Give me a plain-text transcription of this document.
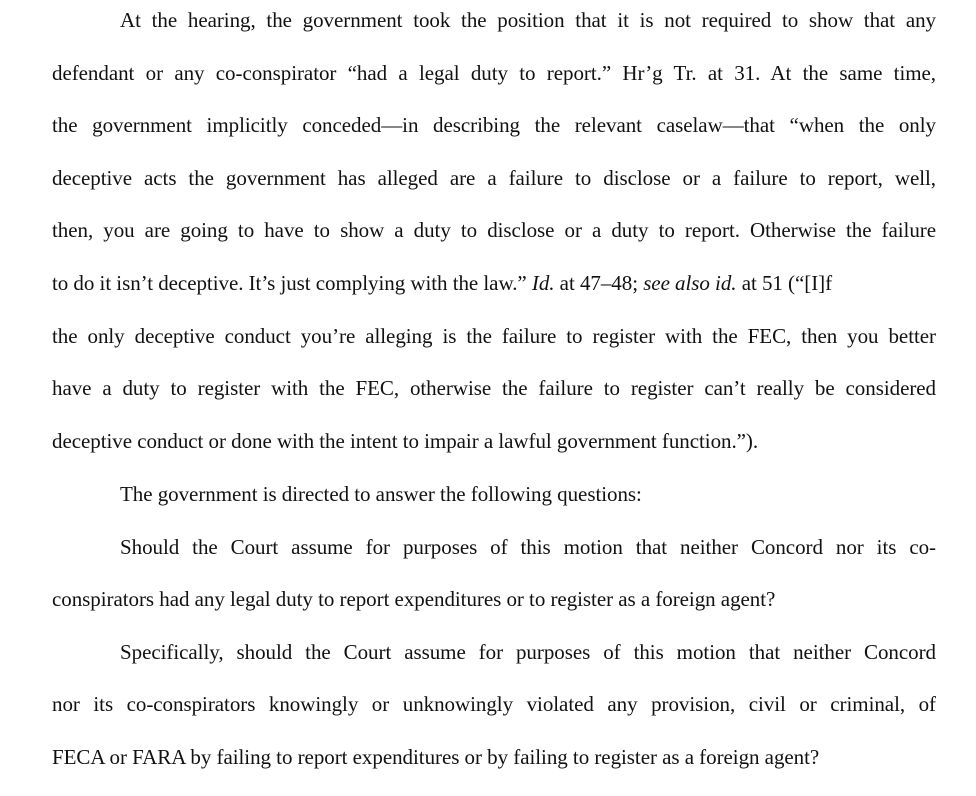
At the hearing, the government took the position that it is not required to show that any
defendant or any co-conspirator “had a legal duty to report.” Hr’g Tr. at 31. At the same time,
the government implicitly conceded—in describing the relevant caselaw—that “when the only
deceptive acts the government has alleged are a failure to disclose or a failure to report, well,
then, you are going to have to show a duty to disclose or a duty to report. Otherwise the failure
to do it isn’t deceptive. It’s just complying with the law.” Id. at 47–48; see also id. at 51 (“[I]f
the only deceptive conduct you’re alleging is the failure to register with the FEC, then you better
have a duty to register with the FEC, otherwise the failure to register can’t really be considered
deceptive conduct or done with the intent to impair a lawful government function.”).
The government is directed to answer the following questions:
Should the Court assume for purposes of this motion that neither Concord nor its co-
conspirators had any legal duty to report expenditures or to register as a foreign agent?
Specifically, should the Court assume for purposes of this motion that neither Concord
nor its co-conspirators knowingly or unknowingly violated any provision, civil or criminal, of
FECA or FARA by failing to report expenditures or by failing to register as a foreign agent?
